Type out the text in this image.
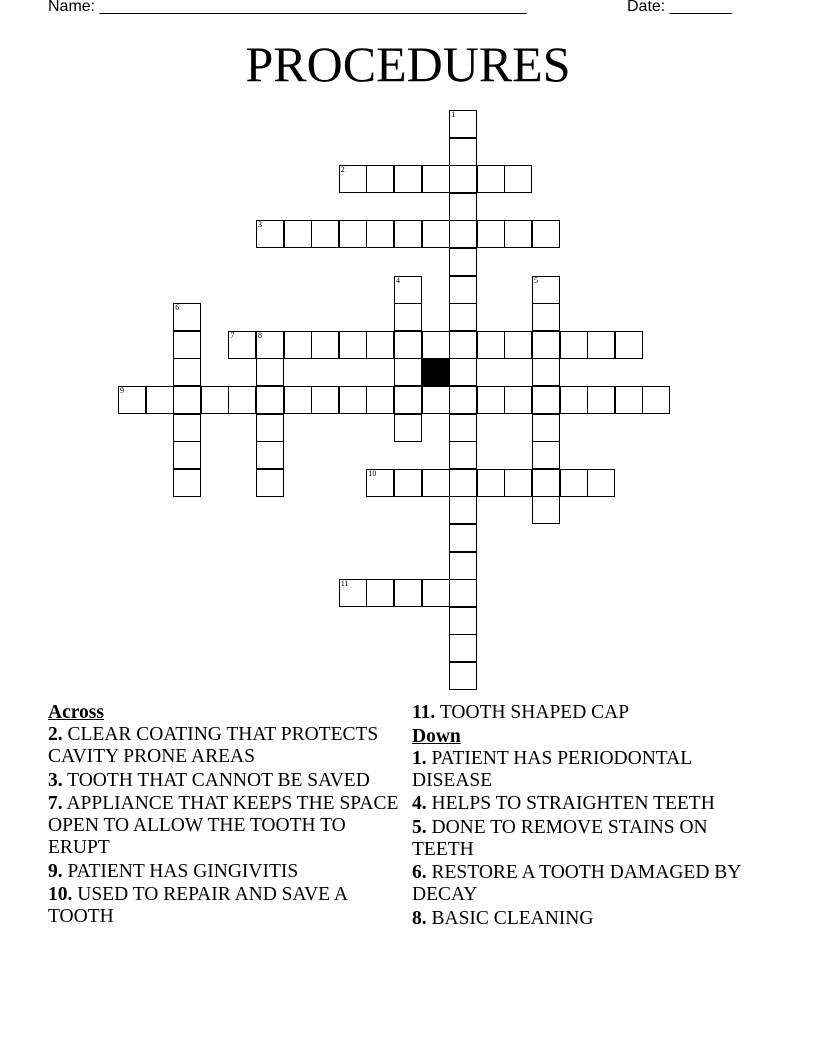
Name: ________________________________________________	Date: _______
PROCEDURES
1
2
3
4	5
6
7	8
9
10
11
Across
2. CLEAR COATING THAT PROTECTS CAVITY PRONE AREAS
3. TOOTH THAT CANNOT BE SAVED
7. APPLIANCE THAT KEEPS THE SPACE OPEN TO ALLOW THE TOOTH TO ERUPT
9. PATIENT HAS GINGIVITIS
10. USED TO REPAIR AND SAVE A TOOTH
11. TOOTH SHAPED CAP
Down
1. PATIENT HAS PERIODONTAL DISEASE
4. HELPS TO STRAIGHTEN TEETH
5. DONE TO REMOVE STAINS ON TEETH
6. RESTORE A TOOTH DAMAGED BY DECAY
8. BASIC CLEANING
